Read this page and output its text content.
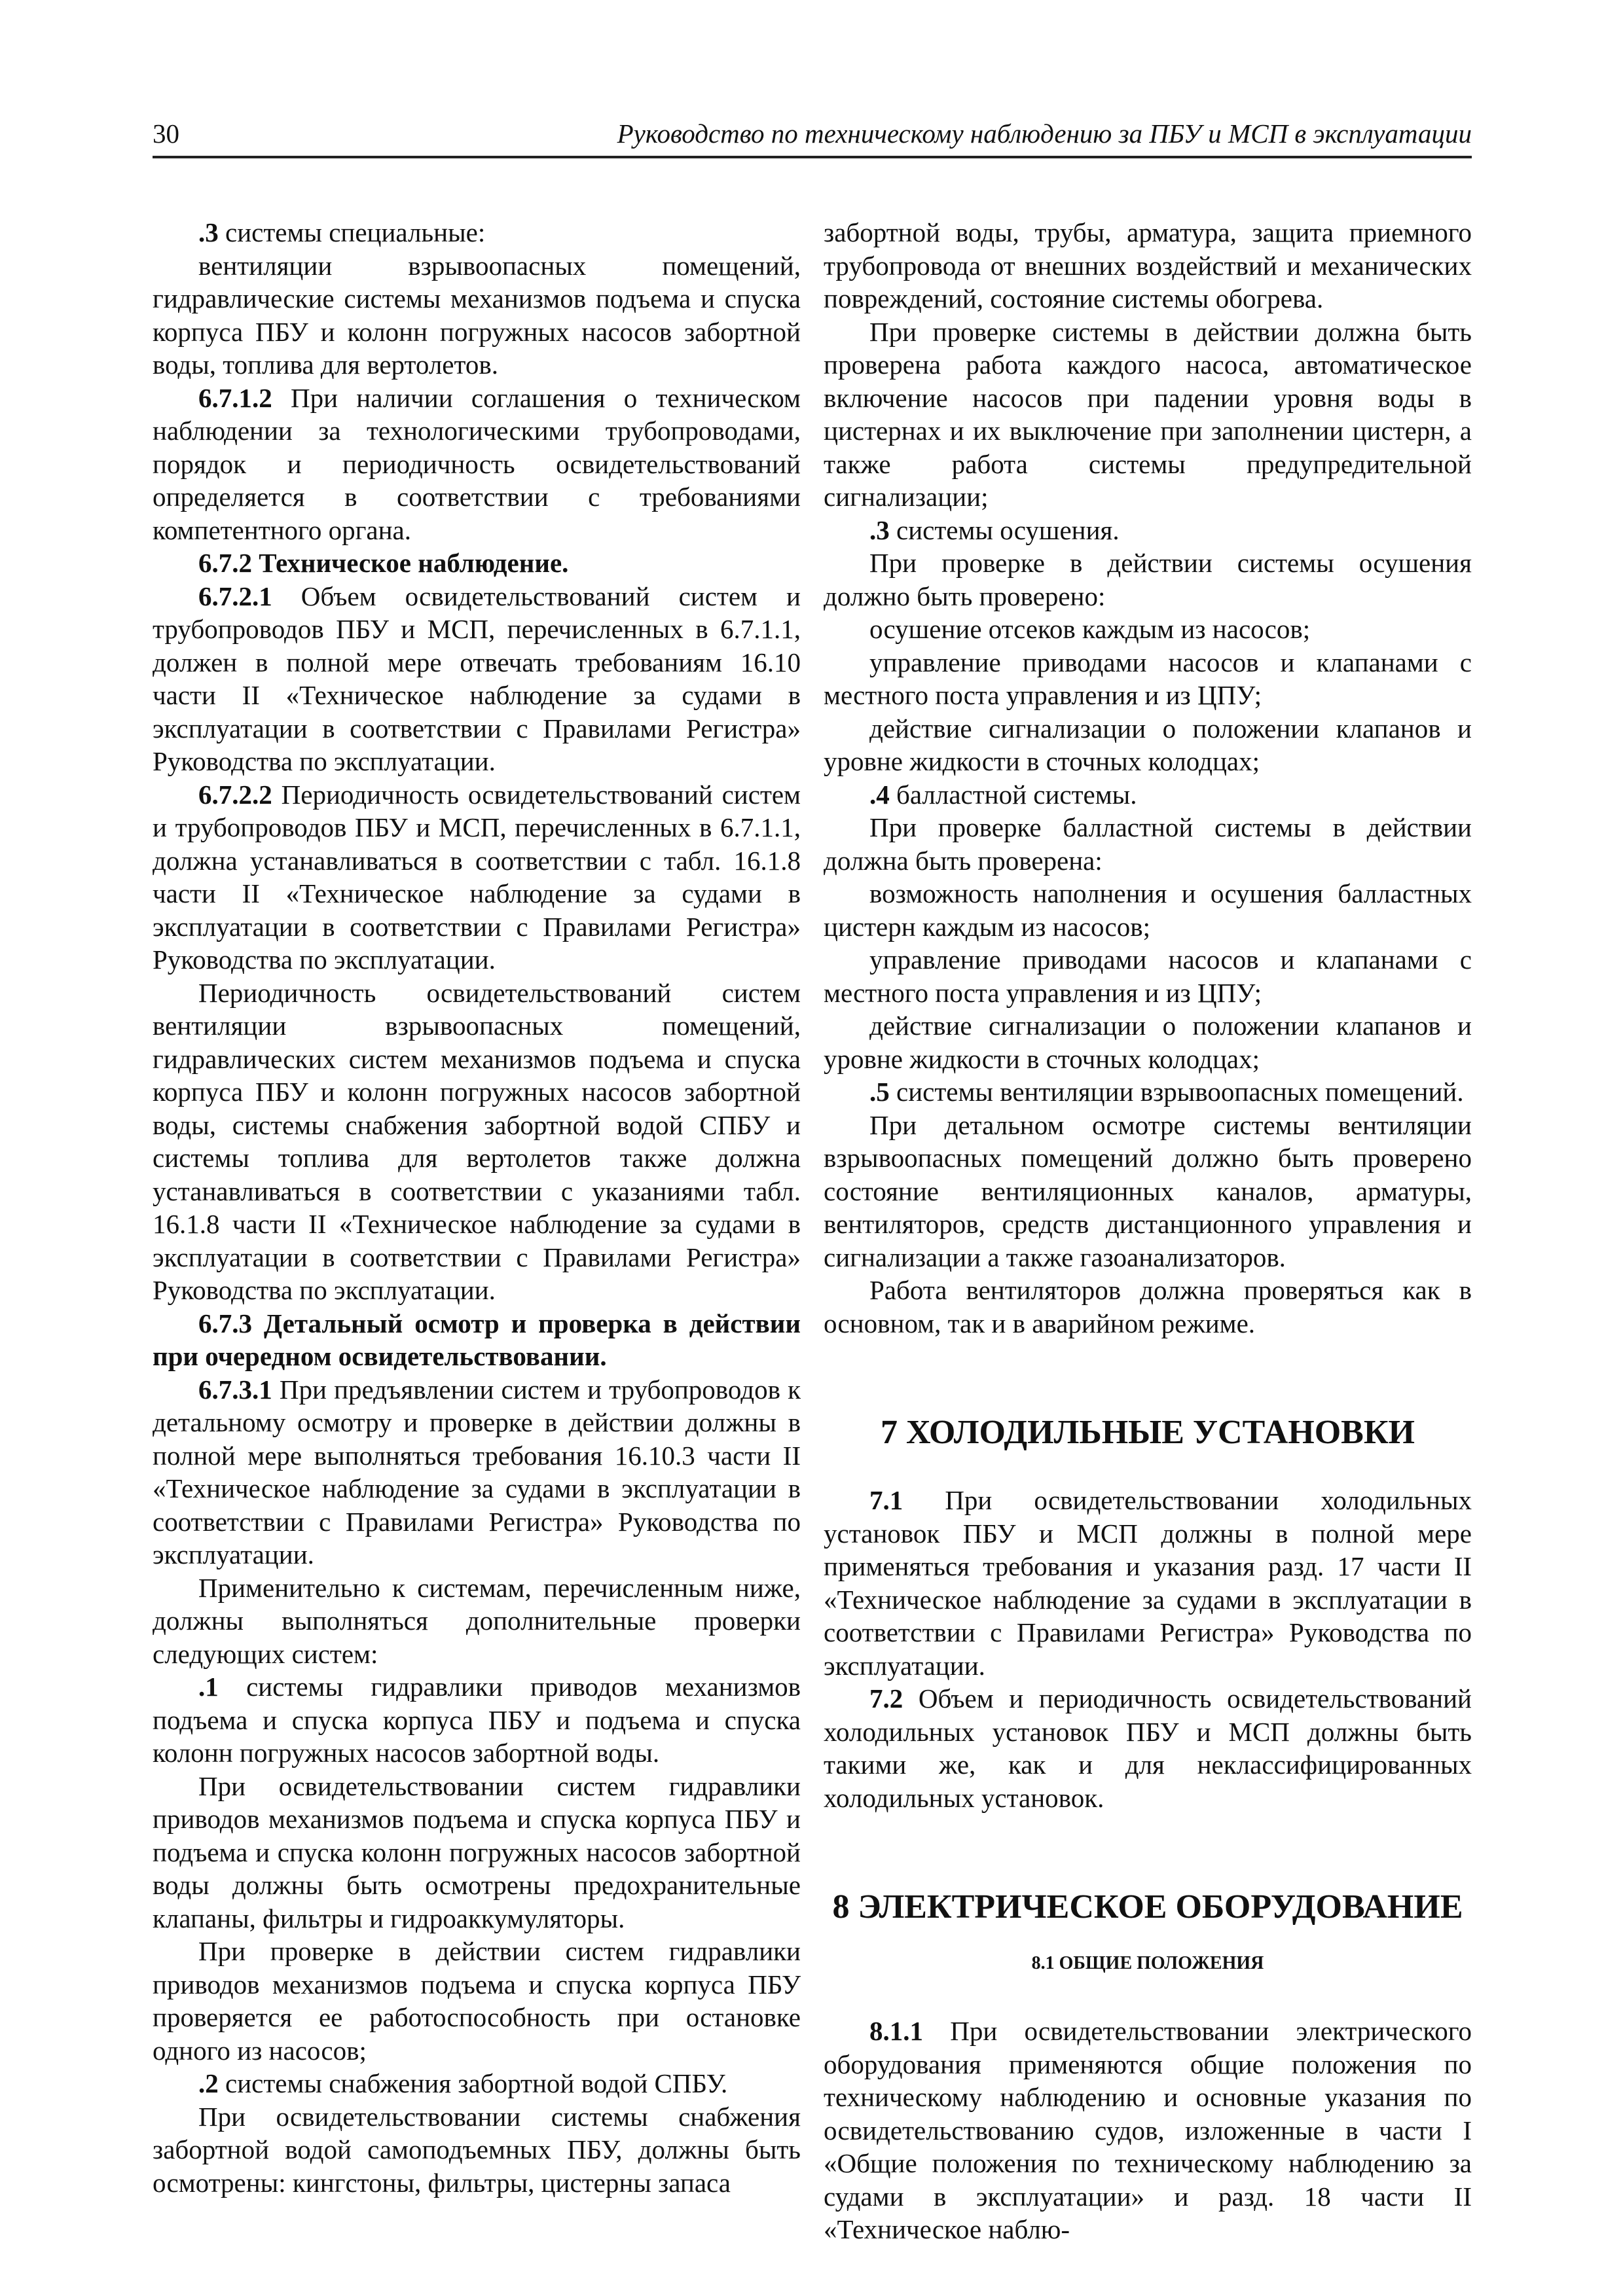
30	Руководство по техническому наблюдению за ПБУ и МСП в эксплуатации

.3 системы специальные:

вентиляции взрывоопасных помещений, гидравлические системы механизмов подъема и спуска корпуса ПБУ и колонн погружных насосов забортной воды, топлива для вертолетов.

6.7.1.2 При наличии соглашения о техническом наблюдении за технологическими трубопроводами, порядок и периодичность освидетельствований определяется в соответствии с требованиями компетентного органа.

6.7.2 Техническое наблюдение.

6.7.2.1 Объем освидетельствований систем и трубопроводов ПБУ и МСП, перечисленных в 6.7.1.1, должен в полной мере отвечать требованиям 16.10 части II «Техническое наблюдение за судами в эксплуатации в соответствии с Правилами Регистра» Руководства по эксплуатации.

6.7.2.2 Периодичность освидетельствований систем и трубопроводов ПБУ и МСП, перечисленных в 6.7.1.1, должна устанавливаться в соответствии с табл. 16.1.8 части II «Техническое наблюдение за судами в эксплуатации в соответствии с Правилами Регистра» Руководства по эксплуатации.

Периодичность освидетельствований систем вентиляции взрывоопасных помещений, гидравлических систем механизмов подъема и спуска корпуса ПБУ и колонн погружных насосов забортной воды, системы снабжения забортной водой СПБУ и системы топлива для вертолетов также должна устанавливаться в соответствии с указаниями табл. 16.1.8 части II «Техническое наблюдение за судами в эксплуатации в соответствии с Правилами Регистра» Руководства по эксплуатации.

6.7.3 Детальный осмотр и проверка в действии при очередном освидетельствовании.

6.7.3.1 При предъявлении систем и трубопроводов к детальному осмотру и проверке в действии должны в полной мере выполняться требования 16.10.3 части II «Техническое наблюдение за судами в эксплуатации в соответствии с Правилами Регистра» Руководства по эксплуатации.

Применительно к системам, перечисленным ниже, должны выполняться дополнительные проверки следующих систем:

.1 системы гидравлики приводов механизмов подъема и спуска корпуса ПБУ и подъема и спуска колонн погружных насосов забортной воды.

При освидетельствовании систем гидравлики приводов механизмов подъема и спуска корпуса ПБУ и подъема и спуска колонн погружных насосов забортной воды должны быть осмотрены предохранительные клапаны, фильтры и гидроаккумуляторы.

При проверке в действии систем гидравлики приводов механизмов подъема и спуска корпуса ПБУ проверяется ее работоспособность при остановке одного из насосов;

.2 системы снабжения забортной водой СПБУ.

При освидетельствовании системы снабжения забортной водой самоподъемных ПБУ, должны быть осмотрены: кингстоны, фильтры, цистерны запаса

забортной воды, трубы, арматура, защита приемного трубопровода от внешних воздействий и механических повреждений, состояние системы обогрева.

При проверке системы в действии должна быть проверена работа каждого насоса, автоматическое включение насосов при падении уровня воды в цистернах и их выключение при заполнении цистерн, а также работа системы предупредительной сигнализации;

.3 системы осушения.

При проверке в действии системы осушения должно быть проверено:

осушение отсеков каждым из насосов;

управление приводами насосов и клапанами с местного поста управления и из ЦПУ;

действие сигнализации о положении клапанов и уровне жидкости в сточных колодцах;

.4 балластной системы.

При проверке балластной системы в действии должна быть проверена:

возможность наполнения и осушения балластных цистерн каждым из насосов;

управление приводами насосов и клапанами с местного поста управления и из ЦПУ;

действие сигнализации о положении клапанов и уровне жидкости в сточных колодцах;

.5 системы вентиляции взрывоопасных помещений.

При детальном осмотре системы вентиляции взрывоопасных помещений должно быть проверено состояние вентиляционных каналов, арматуры, вентиляторов, средств дистанционного управления и сигнализации а также газоанализаторов.

Работа вентиляторов должна проверяться как в основном, так и в аварийном режиме.

7 ХОЛОДИЛЬНЫЕ УСТАНОВКИ

7.1 При освидетельствовании холодильных установок ПБУ и МСП должны в полной мере применяться требования и указания разд. 17 части II «Техническое наблюдение за судами в эксплуатации в соответствии с Правилами Регистра» Руководства по эксплуатации.

7.2 Объем и периодичность освидетельствований холодильных установок ПБУ и МСП должны быть такими же, как и для неклассифицированных холодильных установок.

8 ЭЛЕКТРИЧЕСКОЕ ОБОРУДОВАНИЕ
8.1 ОБЩИЕ ПОЛОЖЕНИЯ

8.1.1 При освидетельствовании электрического оборудования применяются общие положения по техническому наблюдению и основные указания по освидетельствованию судов, изложенные в части I «Общие положения по техническому наблюдению за судами в эксплуатации» и разд. 18 части II «Техническое наблю-
